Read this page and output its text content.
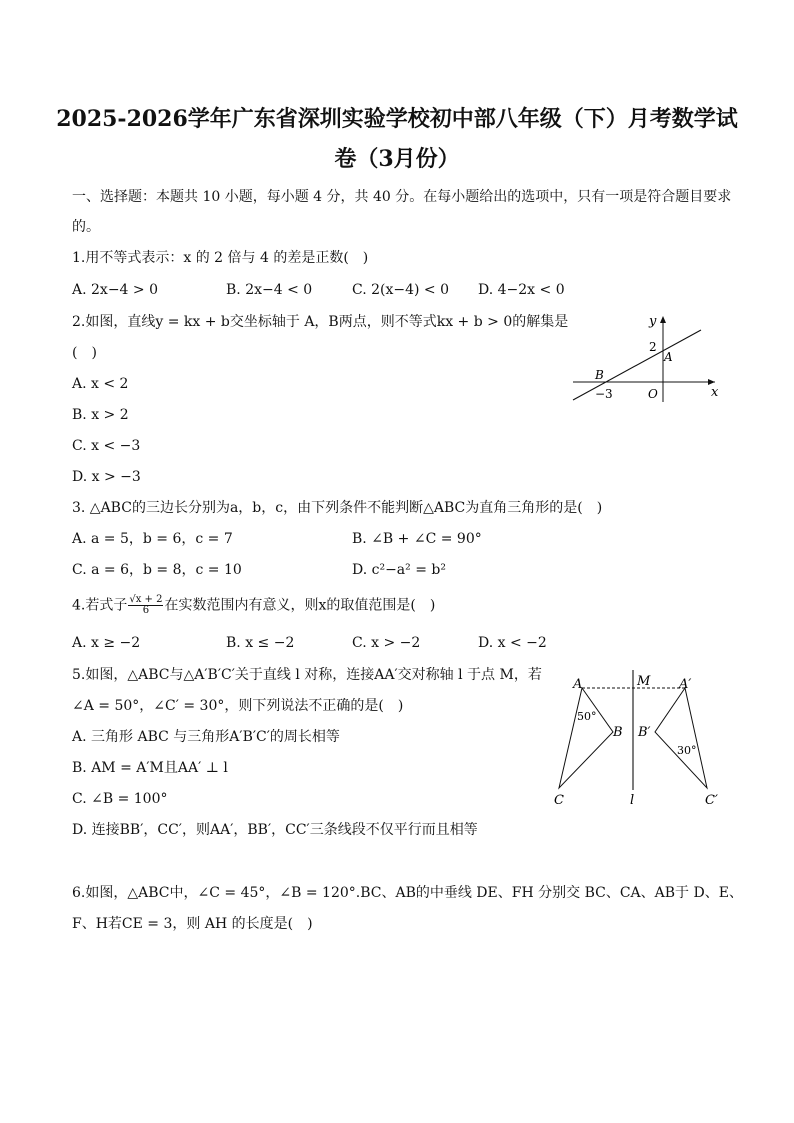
2025-2026学年广东省深圳实验学校初中部八年级（下）月考数学试
卷（3月份）
一、选择题：本题共 10 小题，每小题 4 分，共 40 分。在每小题给出的选项中，只有一项是符合题目要求
的。
1.用不等式表示：x 的 2 倍与 4 的差是正数(　)
A. 2x−4 > 0	B. 2x−4 < 0	C. 2(x−4) < 0 D. 4−2x < 0
2.如图，直线y = kx + b交坐标轴于 A，B两点，则不等式kx + b > 0的解集是
(　)
A. x < 2
B. x > 2
C. x < −3
D. x > −3
y
x
O
A
B
2
−3
3. △ABC的三边长分别为a，b，c，由下列条件不能判断△ABC为直角三角形的是(　)
A. a = 5，b = 6，c = 7	B. ∠B + ∠C = 90°
C. a = 6，b = 8，c = 10	D. c²−a² = b²
4.若式子 $\frac{√x + 2}{6}$ 在实数范围内有意义，则x的取值范围是(　)
A. x ≥ −2	B. x ≤ −2	C. x > −2	D. x < −2
5.如图，△ABC与△A′B′C′关于直线 l 对称，连接AA′交对称轴 l 于点 M，若
∠A = 50°，∠C′ = 30°，则下列说法不正确的是(　)
A. 三角形 ABC 与三角形A′B′C′的周长相等
B. AM = A′M且AA′ ⊥ l
C. ∠B = 100°
D. 连接BB′，CC′，则AA′，BB′，CC′三条线段不仅平行而且相等
A
B
C
M A′
B′
C′
l
50°
30°
6.如图，△ABC中，∠C = 45°，∠B = 120°.BC、AB的中垂线 DE、FH 分别交 BC、CA、AB于 D、E、
F、H若CE = 3，则 AH 的长度是(　)
